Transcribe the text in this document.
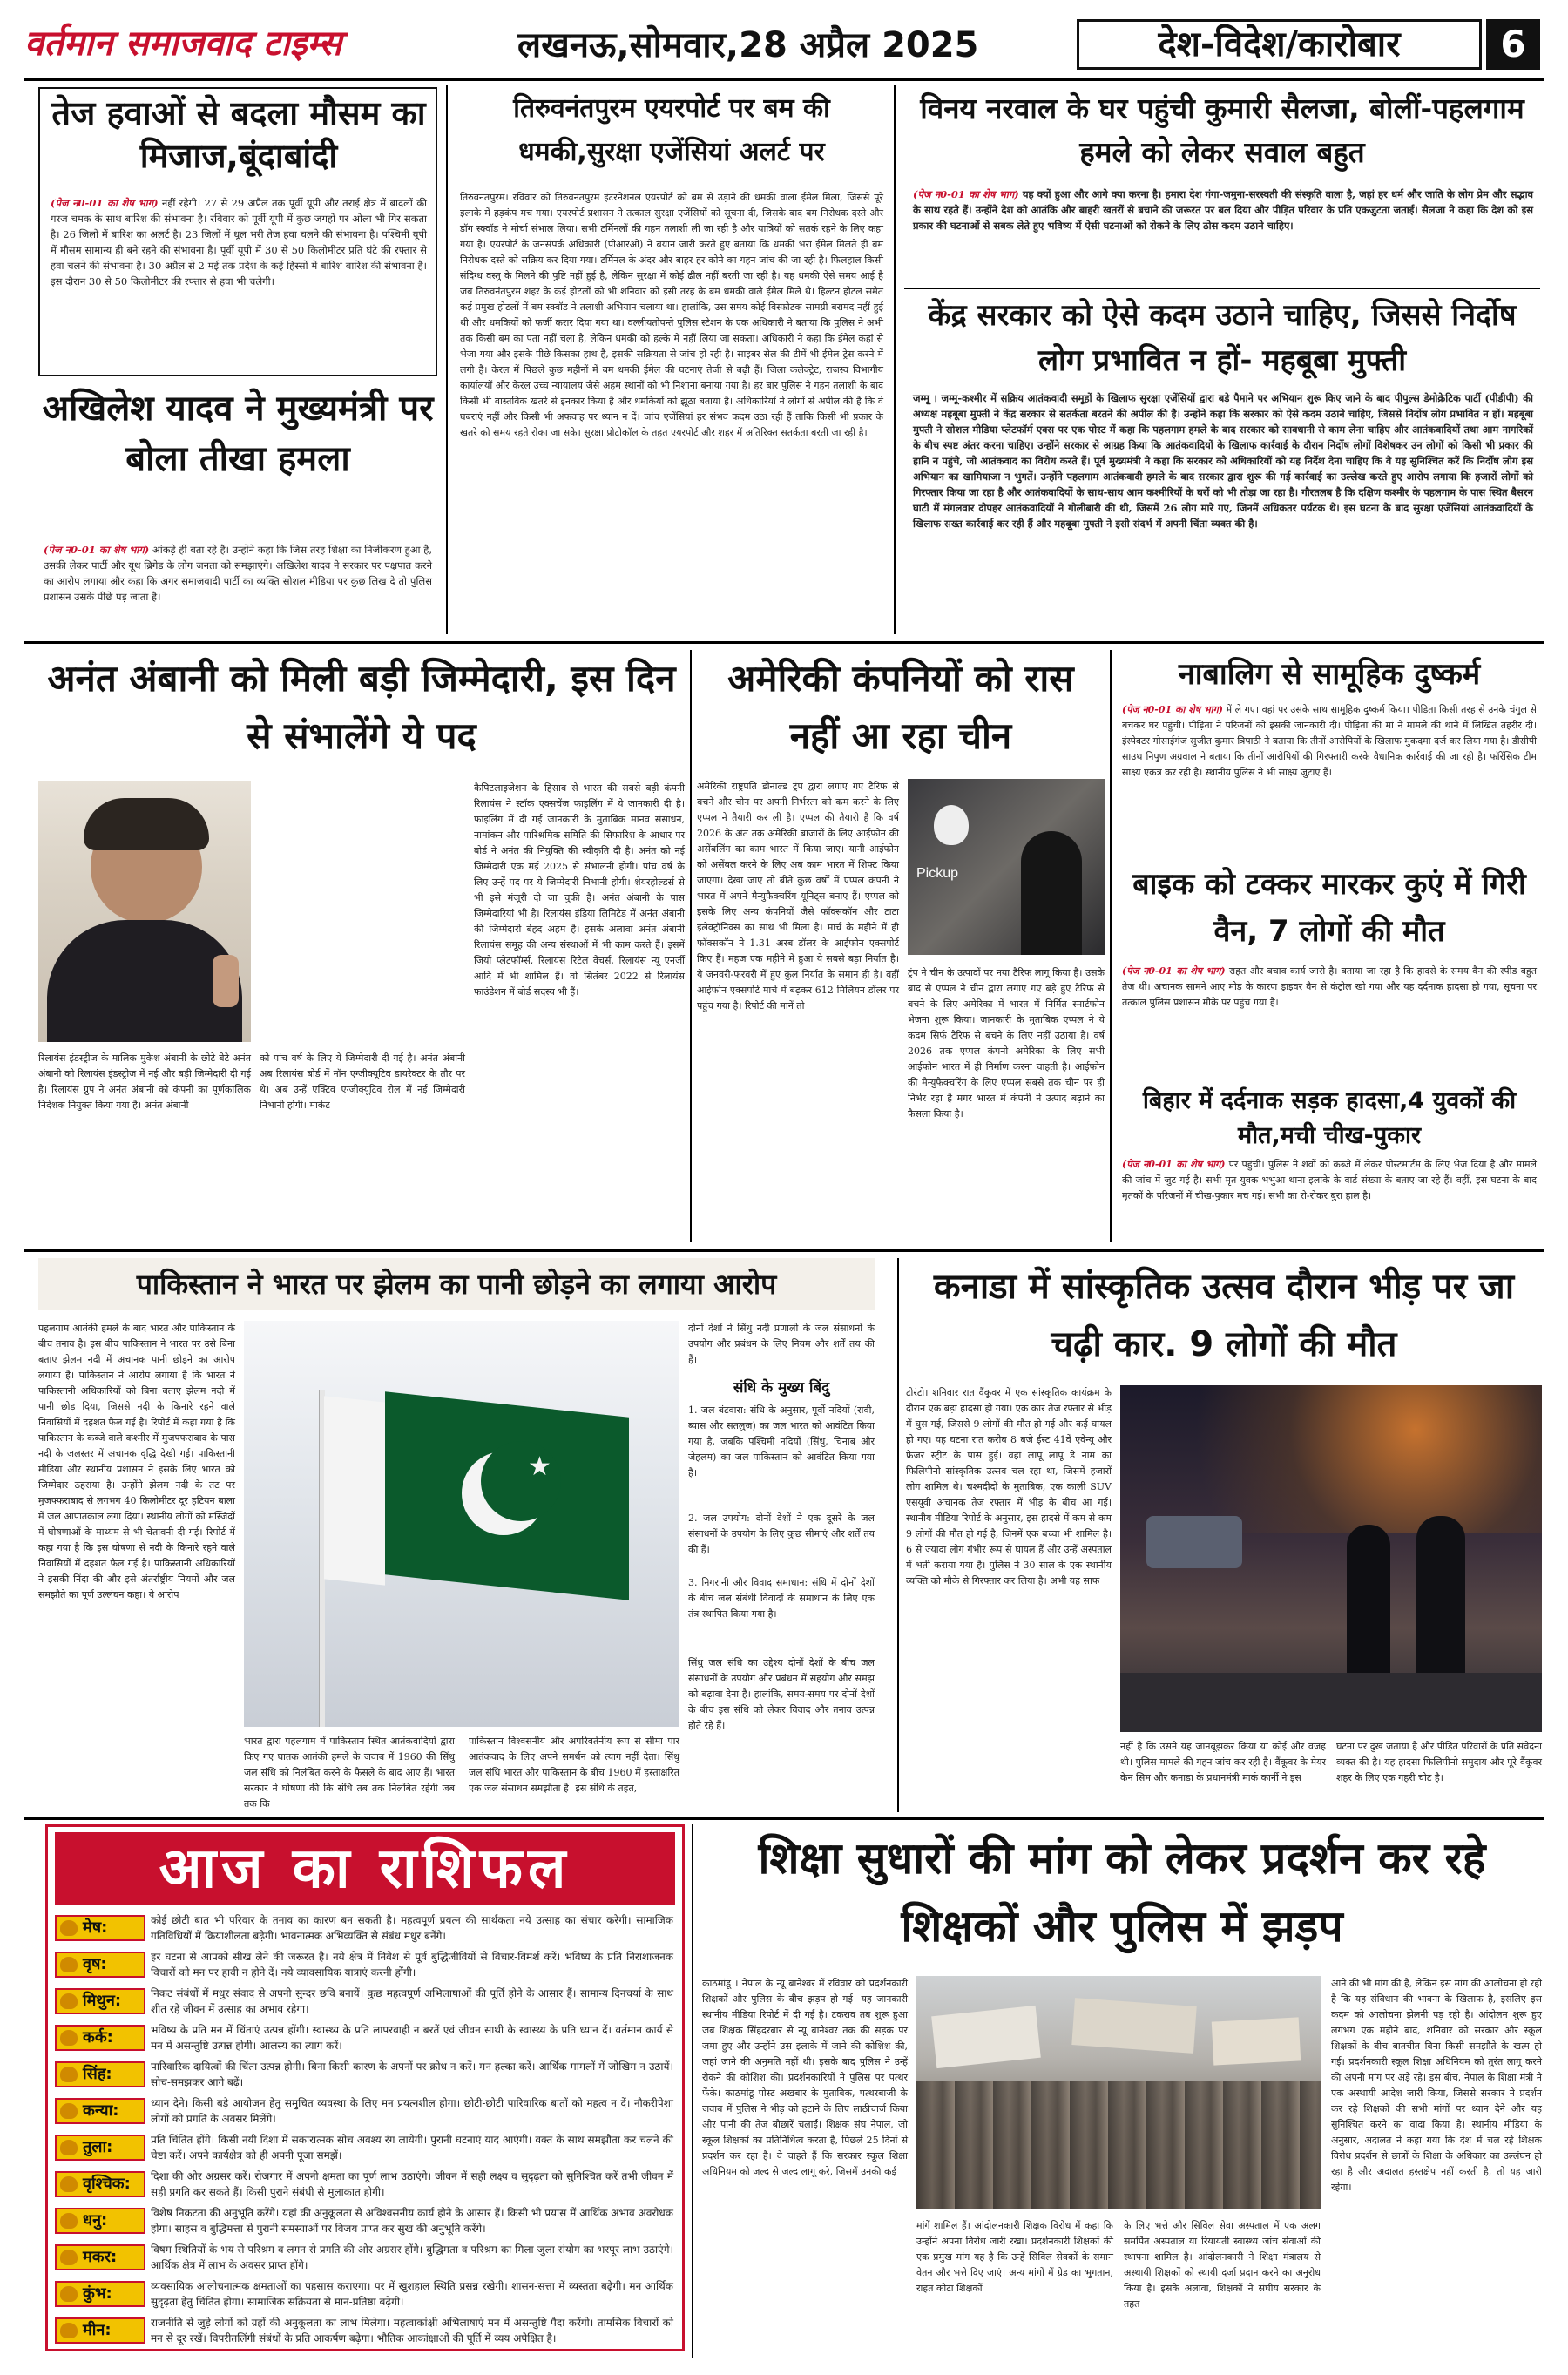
वर्तमान समाजवाद टाइम्स	लखनऊ,सोमवार,28 अप्रैल 2025	देश-विदेश/कारोबार	6
तेज हवाओं से बदला मौसम का मिजाज,बूंदाबांदी
(पेज न0-01 का शेष भाग) नहीं रहेगी। 27 से 29 अप्रैल तक पूर्वी यूपी और तराई क्षेत्र में बादलों की गरज चमक के साथ बारिश की संभावना है। रविवार को पूर्वी यूपी में कुछ जगहों पर ओला भी गिर सकता है। 26 जिलों में बारिश का अलर्ट है। 23 जिलों में धूल भरी तेज हवा चलने की संभावना है। पश्चिमी यूपी में मौसम सामान्य ही बने रहने की संभावना है। पूर्वी यूपी में 30 से 50 किलोमीटर प्रति घंटे की रफ्तार से हवा चलने की संभावना है। 30 अप्रैल से 2 मई तक प्रदेश के कई हिस्सों में बारिश बारिश की संभावना है। इस दौरान 30 से 50 किलोमीटर की रफ्तार से हवा भी चलेगी।
अखिलेश यादव ने मुख्यमंत्री पर बोला तीखा हमला
(पेज न0-01 का शेष भाग) आंकड़े ही बता रहे हैं। उन्होंने कहा कि जिस तरह शिक्षा का निजीकरण हुआ है, उसकी लेकर पार्टी और यूथ ब्रिगेड के लोग जनता को समझाएंगे। अखिलेश यादव ने सरकार पर पक्षपात करने का आरोप लगाया और कहा कि अगर समाजवादी पार्टी का व्यक्ति सोशल मीडिया पर कुछ लिख दे तो पुलिस प्रशासन उसके पीछे पड़ जाता है।
तिरुवनंतपुरम एयरपोर्ट पर बम की धमकी,सुरक्षा एजेंसियां अलर्ट पर
तिरुवनंतपुरम। रविवार को तिरुवनंतपुरम इंटरनेशनल एयरपोर्ट को बम से उड़ाने की धमकी वाला ईमेल मिला, जिससे पूरे इलाके में हड़कंप मच गया। एयरपोर्ट प्रशासन ने तत्काल सुरक्षा एजेंसियों को सूचना दी, जिसके बाद बम निरोधक दस्ते और डॉग स्क्वॉड ने मोर्चा संभाल लिया। सभी टर्मिनलों की गहन तलाशी ली जा रही है और यात्रियों को सतर्क रहने के लिए कहा गया है। एयरपोर्ट के जनसंपर्क अधिकारी (पीआरओ) ने बयान जारी करते हुए बताया कि धमकी भरा ईमेल मिलते ही बम निरोधक दस्ते को सक्रिय कर दिया गया। टर्मिनल के अंदर और बाहर हर कोने का गहन जांच की जा रही है। फिलहाल किसी संदिग्ध वस्तु के मिलने की पुष्टि नहीं हुई है, लेकिन सुरक्षा में कोई ढील नहीं बरती जा रही है। यह धमकी ऐसे समय आई है जब तिरुवनंतपुरम शहर के कई होटलों को भी शनिवार को इसी तरह के बम धमकी वाले ईमेल मिले थे। हिल्टन होटल समेत कई प्रमुख होटलों में बम स्क्वॉड ने तलाशी अभियान चलाया था। हालांकि, उस समय कोई विस्फोटक सामग्री बरामद नहीं हुई थी और धमकियों को फर्जी करार दिया गया था। वल्लीयतोपन्ते पुलिस स्टेशन के एक अधिकारी ने बताया कि पुलिस ने अभी तक किसी बम का पता नहीं चला है, लेकिन धमकी को हल्के में नहीं लिया जा सकता। अधिकारी ने कहा कि ईमेल कहां से भेजा गया और इसके पीछे किसका हाथ है, इसकी सक्रियता से जांच हो रही है। साइबर सेल की टीमें भी ईमेल ट्रेस करने में लगी हैं। केरल में पिछले कुछ महीनों में बम धमकी ईमेल की घटनाएं तेजी से बढ़ी हैं। जिला कलेक्ट्रेट, राजस्व विभागीय कार्यालयों और केरल उच्च न्यायालय जैसे अहम स्थानों को भी निशाना बनाया गया है। हर बार पुलिस ने गहन तलाशी के बाद किसी भी वास्तविक खतरे से इनकार किया है और धमकियों को झूठा बताया है। अधिकारियों ने लोगों से अपील की है कि वे घबराएं नहीं और किसी भी अफवाह पर ध्यान न दें। जांच एजेंसियां हर संभव कदम उठा रही हैं ताकि किसी भी प्रकार के खतरे को समय रहते रोका जा सके। सुरक्षा प्रोटोकॉल के तहत एयरपोर्ट और शहर में अतिरिक्त सतर्कता बरती जा रही है।
विनय नरवाल के घर पहुंची कुमारी सैलजा, बोलीं-पहलगाम हमले को लेकर सवाल बहुत
(पेज न0-01 का शेष भाग) यह क्यों हुआ और आगे क्या करना है। हमारा देश गंगा-जमुना-सरस्वती की संस्कृति वाला है, जहां हर धर्म और जाति के लोग प्रेम और सद्भाव के साथ रहते हैं। उन्होंने देश को आतंकि और बाहरी खतरों से बचाने की जरूरत पर बल दिया और पीड़ित परिवार के प्रति एकजुटता जताई। सैलजा ने कहा कि देश को इस प्रकार की घटनाओं से सबक लेते हुए भविष्य में ऐसी घटनाओं को रोकने के लिए ठोस कदम उठाने चाहिए।
केंद्र सरकार को ऐसे कदम उठाने चाहिए, जिससे निर्दोष लोग प्रभावित न हों- महबूबा मुफ्ती
जम्मू । जम्मू-कश्मीर में सक्रिय आतंकवादी समूहों के खिलाफ सुरक्षा एजेंसियों द्वारा बड़े पैमाने पर अभियान शुरू किए जाने के बाद पीपुल्स डेमोक्रेटिक पार्टी (पीडीपी) की अध्यक्ष महबूबा मुफ्ती ने केंद्र सरकार से सतर्कता बरतने की अपील की है। उन्होंने कहा कि सरकार को ऐसे कदम उठाने चाहिए, जिससे निर्दोष लोग प्रभावित न हों। महबूबा मुफ्ती ने सोशल मीडिया प्लेटफॉर्म एक्स पर एक पोस्ट में कहा कि पहलगाम हमले के बाद सरकार को सावधानी से काम लेना चाहिए और आतंकवादियों तथा आम नागरिकों के बीच स्पष्ट अंतर करना चाहिए। उन्होंने सरकार से आग्रह किया कि आतंकवादियों के खिलाफ कार्रवाई के दौरान निर्दोष लोगों विशेषकर उन लोगों को किसी भी प्रकार की हानि न पहुंचे, जो आतंकवाद का विरोध करते हैं। पूर्व मुख्यमंत्री ने कहा कि सरकार को अधिकारियों को यह निर्देश देना चाहिए कि वे यह सुनिश्चित करें कि निर्दोष लोग इस अभियान का खामियाजा न भुगतें। उन्होंने पहलगाम आतंकवादी हमले के बाद सरकार द्वारा शुरू की गई कार्रवाई का उल्लेख करते हुए आरोप लगाया कि हजारों लोगों को गिरफ्तार किया जा रहा है और आतंकवादियों के साथ-साथ आम कश्मीरियों के घरों को भी तोड़ा जा रहा है। गौरतलब है कि दक्षिण कश्मीर के पहलगाम के पास स्थित बैसरन घाटी में मंगलवार दोपहर आतंकवादियों ने गोलीबारी की थी, जिसमें 26 लोग मारे गए, जिनमें अधिकतर पर्यटक थे। इस घटना के बाद सुरक्षा एजेंसियां आतंकवादियों के खिलाफ सख्त कार्रवाई कर रही हैं और महबूबा मुफ्ती ने इसी संदर्भ में अपनी चिंता व्यक्त की है।
अनंत अंबानी को मिली बड़ी जिम्मेदारी, इस दिन से संभालेंगे ये पद
रिलायंस इंडस्ट्रीज के मालिक मुकेश अंबानी के छोटे बेटे अनंत अंबानी को रिलायंस इंडस्ट्रीज में नई और बड़ी जिम्मेदारी दी गई है। रिलायंस ग्रुप ने अनंत अंबानी को कंपनी का पूर्णकालिक निदेशक नियुक्त किया गया है। अनंत अंबानी
को पांच वर्ष के लिए ये जिम्मेदारी दी गई है। अनंत अंबानी अब रिलायंस बोर्ड में नॉन एग्जीक्यूटिव डायरेक्टर के तौर पर थे। अब उन्हें एक्टिव एग्जीक्यूटिव रोल में नई जिम्मेदारी निभानी होगी। मार्केट
कैपिटलाइजेशन के हिसाब से भारत की सबसे बड़ी कंपनी रिलायंस ने स्टॉक एक्सचेंज फाइलिंग में ये जानकारी दी है। फाइलिंग में दी गई जानकारी के मुताबिक मानव संसाधन, नामांकन और पारिश्रमिक समिति की सिफारिश के आधार पर बोर्ड ने अनंत की नियुक्ति की स्वीकृति दी है। अनंत को नई जिम्मेदारी एक मई 2025 से संभालनी होगी। पांच वर्ष के लिए उन्हें पद पर ये जिम्मेदारी निभानी होगी। शेयरहोल्डर्स से भी इसे मंजूरी दी जा चुकी है। अनंत अंबानी के पास जिम्मेदारियां भी है। रिलायंस इंडिया लिमिटेड में अनंत अंबानी की जिम्मेदारी बेहद अहम है। इसके अलावा अनंत अंबानी रिलायंस समूह की अन्य संस्थाओं में भी काम करते हैं। इसमें जियो प्लेटफॉर्म्स, रिलायंस रिटेल वेंचर्स, रिलायंस न्यू एनर्जी आदि में भी शामिल हैं। वो सितंबर 2022 से रिलायंस फाउंडेशन में बोर्ड सदस्य भी हैं।
अमेरिकी कंपनियों को रास नहीं आ रहा चीन
अमेरिकी राष्ट्रपति डोनाल्ड ट्रंप द्वारा लगाए गए टैरिफ से बचने और चीन पर अपनी निर्भरता को कम करने के लिए एप्पल ने तैयारी कर ली है। एप्पल की तैयारी है कि वर्ष 2026 के अंत तक अमेरिकी बाजारों के लिए आईफोन की असेंबलिंग का काम भारत में किया जाए। यानी आईफोन को असेंबल करने के लिए अब काम भारत में शिफ्ट किया जाएगा। देखा जाए तो बीते कुछ वर्षों में एप्पल कंपनी ने भारत में अपने मैन्युफैक्चरिंग यूनिट्स बनाए हैं। एप्पल को इसके लिए अन्य कंपनियों जैसे फॉक्सकॉन और टाटा इलेक्ट्रॉनिक्स का साथ भी मिला है। मार्च के महीने में ही फॉक्सकॉन ने 1.31 अरब डॉलर के आईफोन एक्सपोर्ट किए हैं। महज एक महीने में हुआ ये सबसे बड़ा निर्यात है। ये जनवरी-फरवरी में हुए कुल निर्यात के समान ही है। वहीं आईफोन एक्सपोर्ट मार्च में बढ़कर 612 मिलियन डॉलर पर पहुंच गया है। रिपोर्ट की मानें तो
Pickup
ट्रंप ने चीन के उत्पादों पर नया टैरिफ लागू किया है। उसके बाद से एप्पल ने चीन द्वारा लगाए गए बड़े हुए टैरिफ से बचने के लिए अमेरिका में भारत में निर्मित स्मार्टफोन भेजना शुरू किया। जानकारी के मुताबिक एप्पल ने ये कदम सिर्फ टैरिफ से बचने के लिए नहीं उठाया है। वर्ष 2026 तक एप्पल कंपनी अमेरिका के लिए सभी आईफोन भारत में ही निर्माण करना चाहती है। आईफोन की मैन्युफैक्चरिंग के लिए एप्पल सबसे तक चीन पर ही निर्भर रहा है मगर भारत में कंपनी ने उत्पाद बढ़ाने का फैसला किया है।
नाबालिग से सामूहिक दुष्कर्म
(पेज न0-01 का शेष भाग) में ले गए। वहां पर उसके साथ सामूहिक दुष्कर्म किया। पीड़िता किसी तरह से उनके चंगुल से बचकर घर पहुंची। पीड़िता ने परिजनों को इसकी जानकारी दी। पीड़िता की मां ने मामले की थाने में लिखित तहरीर दी। इंस्पेक्टर गोसाईगंज सुजीत कुमार त्रिपाठी ने बताया कि तीनों आरोपियों के खिलाफ मुकदमा दर्ज कर लिया गया है। डीसीपी साउथ निपुण अग्रवाल ने बताया कि तीनों आरोपियों की गिरफ्तारी करके वैधानिक कार्रवाई की जा रही है। फॉरेंसिक टीम साक्ष्य एकत्र कर रही है। स्थानीय पुलिस ने भी साक्ष्य जुटाए हैं।
बाइक को टक्कर मारकर कुएं में गिरी वैन, 7 लोगों की मौत
(पेज न0-01 का शेष भाग) राहत और बचाव कार्य जारी है। बताया जा रहा है कि हादसे के समय वैन की स्पीड बहुत तेज थी। अचानक सामने आए मोड़ के कारण ड्राइवर वैन से कंट्रोल खो गया और यह दर्दनाक हादसा हो गया, सूचना पर तत्काल पुलिस प्रशासन मौके पर पहुंच गया है।
बिहार में दर्दनाक सड़क हादसा,4 युवकों की मौत,मची चीख-पुकार
(पेज न0-01 का शेष भाग) पर पहुंची। पुलिस ने शवों को कब्जे में लेकर पोस्टमार्टम के लिए भेज दिया है और मामले की जांच में जुट गई है। सभी मृत युवक भभुआ थाना इलाके के वार्ड संख्या के बताए जा रहे हैं। वहीं, इस घटना के बाद मृतकों के परिजनों में चीख-पुकार मच गई। सभी का रो-रोकर बुरा हाल है।
पाकिस्तान ने भारत पर झेलम का पानी छोड़ने का लगाया आरोप
पहलगाम आतंकी हमले के बाद भारत और पाकिस्तान के बीच तनाव है। इस बीच पाकिस्तान ने भारत पर उसे बिना बताए झेलम नदी में अचानक पानी छोड़ने का आरोप लगाया है। पाकिस्तान ने आरोप लगाया है कि भारत ने पाकिस्तानी अधिकारियों को बिना बताए झेलम नदी में पानी छोड़ दिया, जिससे नदी के किनारे रहने वाले निवासियों में दहशत फैल गई है। रिपोर्ट में कहा गया है कि पाकिस्तान के कब्जे वाले कश्मीर में मुजफ्फराबाद के पास नदी के जलस्तर में अचानक वृद्धि देखी गई। पाकिस्तानी मीडिया और स्थानीय प्रशासन ने इसके लिए भारत को जिम्मेदार ठहराया है। उन्होंने झेलम नदी के तट पर मुजफ्फराबाद से लगभग 40 किलोमीटर दूर हटियन बाला में जल आपातकाल लगा दिया। स्थानीय लोगों को मस्जिदों में घोषणाओं के माध्यम से भी चेतावनी दी गई। रिपोर्ट में कहा गया है कि इस घोषणा से नदी के किनारे रहने वाले निवासियों में दहशत फैल गई है। पाकिस्तानी अधिकारियों ने इसकी निंदा की और इसे अंतर्राष्ट्रीय नियमों और जल समझौते का पूर्ण उल्लंघन कहा। ये आरोप
★
भारत द्वारा पहलगाम में पाकिस्तान स्थित आतंकवादियों द्वारा किए गए घातक आतंकी हमले के जवाब में 1960 की सिंधु जल संधि को निलंबित करने के फैसले के बाद आए हैं। भारत सरकार ने घोषणा की कि संधि तब तक निलंबित रहेगी जब तक कि
पाकिस्तान विश्वसनीय और अपरिवर्तनीय रूप से सीमा पार आतंकवाद के लिए अपने समर्थन को त्याग नहीं देता। सिंधु जल संधि भारत और पाकिस्तान के बीच 1960 में हस्ताक्षरित एक जल संसाधन समझौता है। इस संधि के तहत,
दोनों देशों ने सिंधु नदी प्रणाली के जल संसाधनों के उपयोग और प्रबंधन के लिए नियम और शर्तें तय की हैं।
संधि के मुख्य बिंदु
1. जल बंटवारा: संधि के अनुसार, पूर्वी नदियों (रावी, ब्यास और सतलुज) का जल भारत को आवंटित किया गया है, जबकि पश्चिमी नदियों (सिंधु, चिनाब और जेहलम) का जल पाकिस्तान को आवंटित किया गया है।
2. जल उपयोग: दोनों देशों ने एक दूसरे के जल संसाधनों के उपयोग के लिए कुछ सीमाएं और शर्तें तय की हैं।
3. निगरानी और विवाद समाधान: संधि में दोनों देशों के बीच जल संबंधी विवादों के समाधान के लिए एक तंत्र स्थापित किया गया है।
सिंधु जल संधि का उद्देश्य दोनों देशों के बीच जल संसाधनों के उपयोग और प्रबंधन में सहयोग और समझ को बढ़ावा देना है। हालांकि, समय-समय पर दोनों देशों के बीच इस संधि को लेकर विवाद और तनाव उत्पन्न होते रहे हैं।
कनाडा में सांस्कृतिक उत्सव दौरान भीड़ पर जा चढ़ी कार. 9 लोगों की मौत
टोरंटो। शनिवार रात वैंकूवर में एक सांस्कृतिक कार्यक्रम के दौरान एक बड़ा हादसा हो गया। एक कार तेज रफ्तार से भीड़ में घुस गई, जिससे 9 लोगों की मौत हो गई और कई घायल हो गए। यह घटना रात करीब 8 बजे ईस्ट 41वें एवेन्यू और फ्रेजर स्ट्रीट के पास हुई। वहां लापू लापू डे नाम का फिलिपीनो सांस्कृतिक उत्सव चल रहा था, जिसमें हजारों लोग शामिल थे। चश्मदीदों के मुताबिक, एक काली SUV एसयूवी अचानक तेज रफ्तार में भीड़ के बीच आ गई। स्थानीय मीडिया रिपोर्ट के अनुसार, इस हादसे में कम से कम 9 लोगों की मौत हो गई है, जिनमें एक बच्चा भी शामिल है। 6 से ज्यादा लोग गंभीर रूप से घायल हैं और उन्हें अस्पताल में भर्ती कराया गया है। पुलिस ने 30 साल के एक स्थानीय व्यक्ति को मौके से गिरफ्तार कर लिया है। अभी यह साफ
नहीं है कि उसने यह जानबूझकर किया या कोई और वजह थी। पुलिस मामले की गहन जांच कर रही है। वैंकूवर के मेयर केन सिम और कनाडा के प्रधानमंत्री मार्क कार्नी ने इस
घटना पर दुख जताया है और पीड़ित परिवारों के प्रति संवेदना व्यक्त की है। यह हादसा फिलिपीनो समुदाय और पूरे वैंकूवर शहर के लिए एक गहरी चोट है।
आज का राशिफल
मेष:	कोई छोटी बात भी परिवार के तनाव का कारण बन सकती है। महत्वपूर्ण प्रयत्न की सार्थकता नये उत्साह का संचार करेगी। सामाजिक गतिविधियों में क्रियाशीलता बढ़ेगी। भावनात्मक अभिव्यक्ति से संबंध मधुर बनेंगे।
वृष:	हर घटना से आपको सीख लेने की जरूरत है। नये क्षेत्र में निवेश से पूर्व बुद्धिजीवियों से विचार-विमर्श करें। भविष्य के प्रति निराशाजनक विचारों को मन पर हावी न होने दें। नये व्यावसायिक यात्राएं करनी होंगी।
मिथुन:	निकट संबंधों में मधुर संवाद से अपनी सुन्दर छवि बनायें। कुछ महत्वपूर्ण अभिलाषाओं की पूर्ति होने के आसार हैं। सामान्य दिनचर्या के साथ शीत रहे जीवन में उत्साह का अभाव रहेगा।
कर्क:	भविष्य के प्रति मन में चिंताएं उत्पन्न होंगी। स्वास्थ्य के प्रति लापरवाही न बरतें एवं जीवन साथी के स्वास्थ्य के प्रति ध्यान दें। वर्तमान कार्य से मन में असन्तुष्टि उत्पन्न होगी। आलस्य का त्याग करें।
सिंह:	पारिवारिक दायित्वों की चिंता उत्पन्न होगी। बिना किसी कारण के अपनों पर क्रोध न करें। मन हल्का करें। आर्थिक मामलों में जोखिम न उठायें। सोच-समझकर आगे बढ़ें।
कन्या:	ध्यान देने। किसी बड़े आयोजन हेतु समुचित व्यवस्था के लिए मन प्रयत्नशील होगा। छोटी-छोटी पारिवारिक बातों को महत्व न दें। नौकरीपेशा लोगों को प्रगति के अवसर मिलेंगे।
तुला:	प्रति चिंतित होंगे। किसी नयी दिशा में सकारात्मक सोच अवश्य रंग लायेगी। पुरानी घटनाएं याद आएंगी। वक्त के साथ समझौता कर चलने की चेष्टा करें। अपने कार्यक्षेत्र को ही अपनी पूजा समझें।
वृश्चिक:	दिशा की ओर अग्रसर करें। रोजगार में अपनी क्षमता का पूर्ण लाभ उठाएंगे। जीवन में सही लक्ष्य व सुदृढ़ता को सुनिश्चित करें तभी जीवन में सही प्रगति कर सकते हैं। किसी पुराने संबंधी से मुलाकात होगी।
धनु:	विशेष निकटता की अनुभूति करेंगे। यहां की अनुकूलता से अविश्वसनीय कार्य होने के आसार हैं। किसी भी प्रयास में आर्थिक अभाव अवरोधक होगा। साहस व बुद्धिमत्ता से पुरानी समस्याओं पर विजय प्राप्त कर सुख की अनुभूति करेंगे।
मकर:	विषम स्थितियों के भय से परिश्रम व लगन से प्रगति की ओर अग्रसर होंगे। बुद्धिमता व परिश्रम का मिला-जुला संयोग का भरपूर लाभ उठाएंगे। आर्थिक क्षेत्र में लाभ के अवसर प्राप्त होंगे।
कुंभ:	व्यवसायिक आलोचनात्मक क्षमताओं का पहसास कराएगा। पर में खुशहाल स्थिति प्रसन्न रखेगी। शासन-सत्ता में व्यस्तता बढ़ेगी। मन आर्थिक सुदृढ़ता हेतु चिंतित होगा। सामाजिक सक्रियता से मान-प्रतिष्ठा बढ़ेगी।
मीन:	राजनीति से जुड़े लोगों को ग्रहों की अनुकूलता का लाभ मिलेगा। महत्वाकांक्षी अभिलाषाएं मन में असन्तुष्टि पैदा करेंगी। तामसिक विचारों को मन से दूर रखें। विपरीतलिंगी संबंधों के प्रति आकर्षण बढ़ेगा। भौतिक आकांक्षाओं की पूर्ति में व्यय अपेक्षित है।
शिक्षा सुधारों की मांग को लेकर प्रदर्शन कर रहे शिक्षकों और पुलिस में झड़प
काठमांडू । नेपाल के न्यू बानेश्वर में रविवार को प्रदर्शनकारी शिक्षकों और पुलिस के बीच झड़प हो गई। यह जानकारी स्थानीय मीडिया रिपोर्ट में दी गई है। टकराव तब शुरू हुआ जब शिक्षक सिंहदरबार से न्यू बानेश्वर तक की सड़क पर जमा हुए और उन्होंने उस इलाके में जाने की कोशिश की, जहां जाने की अनुमति नहीं थी। इसके बाद पुलिस ने उन्हें रोकने की कोशिश की। प्रदर्शनकारियों ने पुलिस पर पत्थर फेंके। काठमांडू पोस्ट अखबार के मुताबिक, पत्थरबाजी के जवाब में पुलिस ने भीड़ को हटाने के लिए लाठीचार्ज किया और पानी की तेज बौछारें चलाईं। शिक्षक संघ नेपाल, जो स्कूल शिक्षकों का प्रतिनिधित्व करता है, पिछले 25 दिनों से प्रदर्शन कर रहा है। वे चाहते हैं कि सरकार स्कूल शिक्षा अधिनियम को जल्द से जल्द लागू करे, जिसमें उनकी कई
मांगें शामिल हैं। आंदोलनकारी शिक्षक विरोध में कहा कि उन्होंने अपना विरोध जारी रखा। प्रदर्शनकारी शिक्षकों की एक प्रमुख मांग यह है कि उन्हें सिविल सेवकों के समान वेतन और भत्ते दिए जाएं। अन्य मांगों में ग्रेड का भुगतान, राहत कोटा शिक्षकों
के लिए भत्ते और सिविल सेवा अस्पताल में एक अलग समर्पित अस्पताल या रियायती स्वास्थ्य जांच सेवाओं की स्थापना शामिल है। आंदोलनकारी ने शिक्षा मंत्रालय से अस्थायी शिक्षकों को स्थायी दर्जा प्रदान करने का अनुरोध किया है। इसके अलावा, शिक्षकों ने संघीय सरकार के तहत
आने की भी मांग की है, लेकिन इस मांग की आलोचना हो रही है कि यह संविधान की भावना के खिलाफ है, इसलिए इस कदम को आलोचना झेलनी पड़ रही है। आंदोलन शुरू हुए लगभग एक महीने बाद, शनिवार को सरकार और स्कूल शिक्षकों के बीच बातचीत बिना किसी समझौते के खत्म हो गई। प्रदर्शनकारी स्कूल शिक्षा अधिनियम को तुरंत लागू करने की अपनी मांग पर अड़े रहे। इस बीच, नेपाल के शिक्षा मंत्री ने एक अस्थायी आदेश जारी किया, जिससे सरकार ने प्रदर्शन कर रहे शिक्षकों की सभी मांगों पर ध्यान देने और यह सुनिश्चित करने का वादा किया है। स्थानीय मीडिया के अनुसार, अदालत ने कहा गया कि देश में चल रहे शिक्षक विरोध प्रदर्शन से छात्रों के शिक्षा के अधिकार का उल्लंघन हो रहा है और अदालत हस्तक्षेप नहीं करती है, तो यह जारी रहेगा।
